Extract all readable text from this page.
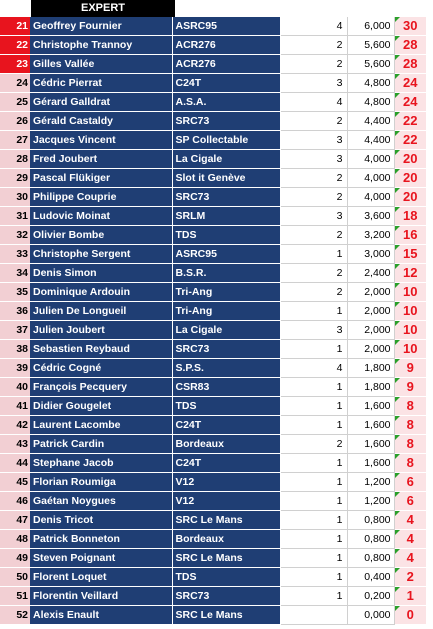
EXPERT
21	Geoffrey Fournier	ASRC95	4	6,000	30
22	Christophe Trannoy	ACR276	2	5,600	28
23	Gilles Vallée	ACR276	2	5,600	28
24	Cédric Pierrat	C24T	3	4,800	24
25	Gérard Galldrat	A.S.A.	4	4,800	24
26	Gérald Castaldy	SRC73	2	4,400	22
27	Jacques Vincent	SP Collectable	3	4,400	22
28	Fred Joubert	La Cigale	3	4,000	20
29	Pascal Flükiger	Slot it Genève	2	4,000	20
30	Philippe Couprie	SRC73	2	4,000	20
31	Ludovic Moinat	SRLM	3	3,600	18
32	Olivier Bombe	TDS	2	3,200	16
33	Christophe Sergent	ASRC95	1	3,000	15
34	Denis Simon	B.S.R.	2	2,400	12
35	Dominique Ardouin	Tri-Ang	2	2,000	10
36	Julien De Longueil	Tri-Ang	1	2,000	10
37	Julien Joubert	La Cigale	3	2,000	10
38	Sebastien Reybaud	SRC73	1	2,000	10
39	Cédric Cogné	S.P.S.	4	1,800	9
40	François Pecquery	CSR83	1	1,800	9
41	Didier Gougelet	TDS	1	1,600	8
42	Laurent Lacombe	C24T	1	1,600	8
43	Patrick Cardin	Bordeaux	2	1,600	8
44	Stephane Jacob	C24T	1	1,600	8
45	Florian Roumiga	V12	1	1,200	6
46	Gaétan Noygues	V12	1	1,200	6
47	Denis Tricot	SRC Le Mans	1	0,800	4
48	Patrick Bonneton	Bordeaux	1	0,800	4
49	Steven Poignant	SRC Le Mans	1	0,800	4
50	Florent Loquet	TDS	1	0,400	2
51	Florentin Veillard	SRC73	1	0,200	1
52	Alexis Enault	SRC Le Mans		0,000	0
